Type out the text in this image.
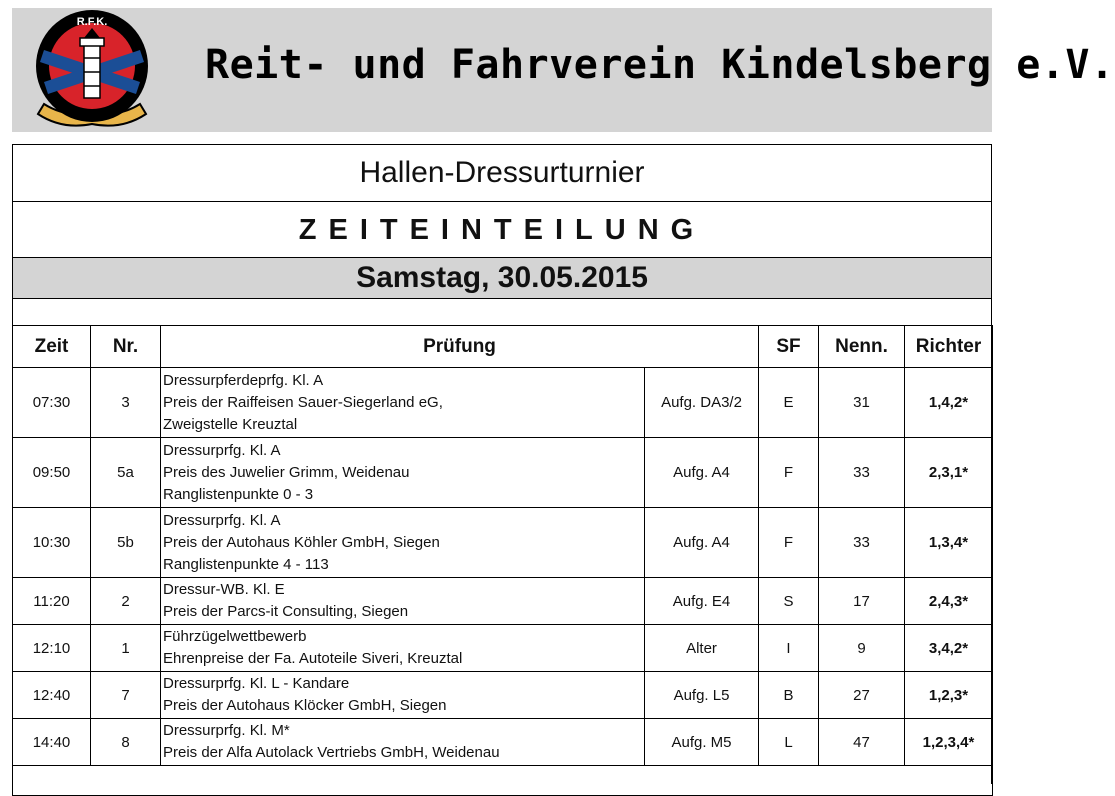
R.F.K.
Reit- und Fahrverein Kindelsberg e.V.
Hallen-Dressurturnier
ZEITEINTEILUNG
Samstag, 30.05.2015
Zeit	Nr.	Prüfung		SF	Nenn.	Richter
07:30	3	Dressurpferdeprfg. Kl. A
Preis der Raiffeisen Sauer-Siegerland eG,
Zweigstelle Kreuztal	Aufg. DA3/2	E	31	1,4,2*
09:50	5a	Dressurprfg. Kl. A
Preis des Juwelier Grimm, Weidenau
Ranglistenpunkte 0 - 3	Aufg. A4	F	33	2,3,1*
10:30	5b	Dressurprfg. Kl. A
Preis der Autohaus Köhler GmbH, Siegen
Ranglistenpunkte 4 - 113	Aufg. A4	F	33	1,3,4*
11:20	2	Dressur-WB. Kl. E
Preis der Parcs-it Consulting, Siegen	Aufg. E4	S	17	2,4,3*
12:10	1	Führzügelwettbewerb
Ehrenpreise der Fa. Autoteile Siveri, Kreuztal	Alter	I	9	3,4,2*
12:40	7	Dressurprfg. Kl. L - Kandare
Preis der Autohaus Klöcker GmbH, Siegen	Aufg. L5	B	27	1,2,3*
14:40	8	Dressurprfg. Kl. M*
Preis der Alfa Autolack Vertriebs GmbH, Weidenau	Aufg. M5	L	47	1,2,3,4*
